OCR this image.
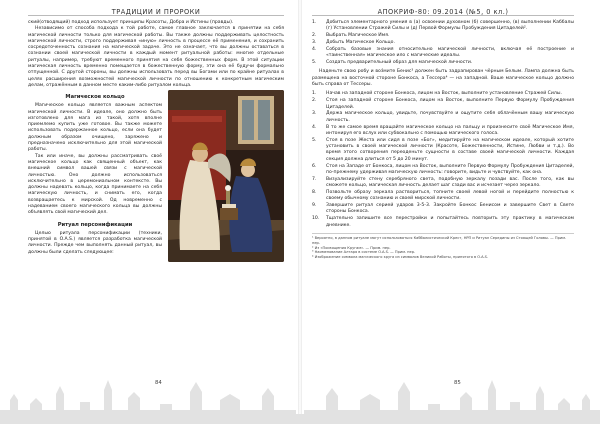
ТРАДИЦИИ И ПРОРОКИ

ский(отводящий) подход использует принципы Красоты, Добра и Истины (правды).

Независимо от способа подхода к той работе, самое главное заключается в принятии на себя магической личности только для магической работы. Вы также должны поддерживать целостность магической личности, строго поддерживая «иную» личность в процессе её применения, и сохранить сосредоточенность сознания на магической задаче. Это не означает, что вы должны оставаться в сознании своей магической личности в каждый момент ритуальной работы: многие отдельные ритуалы, например, требуют временного принятия на себя божественных форм. В этой ситуации магическая личность временно помещается в божественную форму, эти она её будучи формально отпущенной. С другой стороны, вы должны использовать перед вы Богами или по крайне ритуалах в целях расширения возможностей магической личности по отношению к конкретным магическим делам, отражённым в данном месте каким-либо ритуалом кольца.

Магическое кольцо

Магическое кольцо является важным аспектом магической личности. В идеале, оно должно быть изготовлено для мага из такой, хотя вполне приемлемо купить уже готовое. Вы также можете использовать подержанное кольцо, если она будет должным образом очищено, заряжено и предназначено исключительно для этой магической работы.

Так или иначе, вы должны рассматривать своё магическое кольцо как священный объект, как внешний символ вашей связи с магической личностью. Оно должно использоваться исключительно в церемониальном контексте. Вы должны надевать кольцо, когда принимаете на себя магическую личность, и снимать его, когда возвращаетесь к мирской. Од новременно с надеванием своего магического кольца вы должны объявлять свой магический дел.

Ритуал персонификации

Целью ритуала персонификации (техники, принятой в O.A.S.) является разработка магической личности. Прежде чем выполнять данный ритуал, вы должны были сделать следующее:

84
АПОКРИФ-80: 09.2014 (№5, 0 кл.)
1.	Добиться элементарного умения в (а) освоении духовном (б) совершенно, (в) выполнении Каббалы (г) Установлении Стражей Силы и (д) Первой Формулы Пробуждения Цитаделей².
2.	Выбрать Магическое Имя.
3.	Добыть Магическое Кольцо.
4.	Собрать базовые знания относительно магической личности, включая её построение и «таинственная» магическое ило с магические идеалы.
5.	Создать предварительный образ для магической личности.

Наденьте свою робу и воз́мите Бенис³ должен быть задрапирован чёрным Белым. Лампа должна быть размещена на восточной стороне Бонкоса, а Тессера⁴ — на западной. Ваше магическое кольцо должно быть справа от Тессеры.

1.	Начав на западной стороне Бонкоса, лицом на Восток, выполните установление Стражей Силы.
2.	Стоя на западной стороне Бонкоса, лицом на Восток, выполните Первую Формулу Пробуждения Цитаделей.
3.	Держа магическое кольцо, увидьте, почувствуйте и ощутите себя облачённым вашу магическую личность.
4.	В то же самое время вращайте магическое кольцо на пальцу и произнесите своё Магическое Имя, интонируя его вслух или субвокально с помощью магического голоса.
5.	Стоя в позе Жеста или сидя в позе «Бог», медитируйте на магическом идеале, который хотите установить в своей магической личности (Красоте, Божественности, Истине, Любви и т.д.). Во время этого сотворения переоденьте сущности в составе своей магической личности. Каждая секция должна длиться от 5 до 20 минут.
6.	Стоя на Западе от Бонкоса, лицом на Восток, выполните Первую Формулу Пробуждения Цитаделей, по-прежнему удерживая магическую личность: говорите, видьте и чувствуйте, как она.
7.	Визуализируйте стену серебряного света, подобную зеркалу позади вас. После того, как вы сможете кольцо, магическая личность делает шаг сзади вас и исчезает через зеркало.
8.	Позвольте образу зеркала раствориться, топните своей левой ногой и перейдите полностью к своему обычному сознанию и своей мирской личности.
9.	Завершите ритуал серией ударов 3-5-3. Закройте Бонкос Бенисом и завершите Свет в Свете стороны Бонкоса.
10.	Тщательно запишите все перестройки и попытайтесь повторить эту практику в магическом дневнике.
¹ Вероятно, в данном ритуале могут использоваться Каббалистический Крест, НРП и Ритуал Середины из Стоящей Головы. — Прим. пер.
² Из «Посвящения Кругам». — Прим. пер.
³ Наименование Алтаря в системе O.A.S. — Прим. пер.
⁴ Изображение символа магического круга из символов Великой Работы, принятого в O.A.S.
85
